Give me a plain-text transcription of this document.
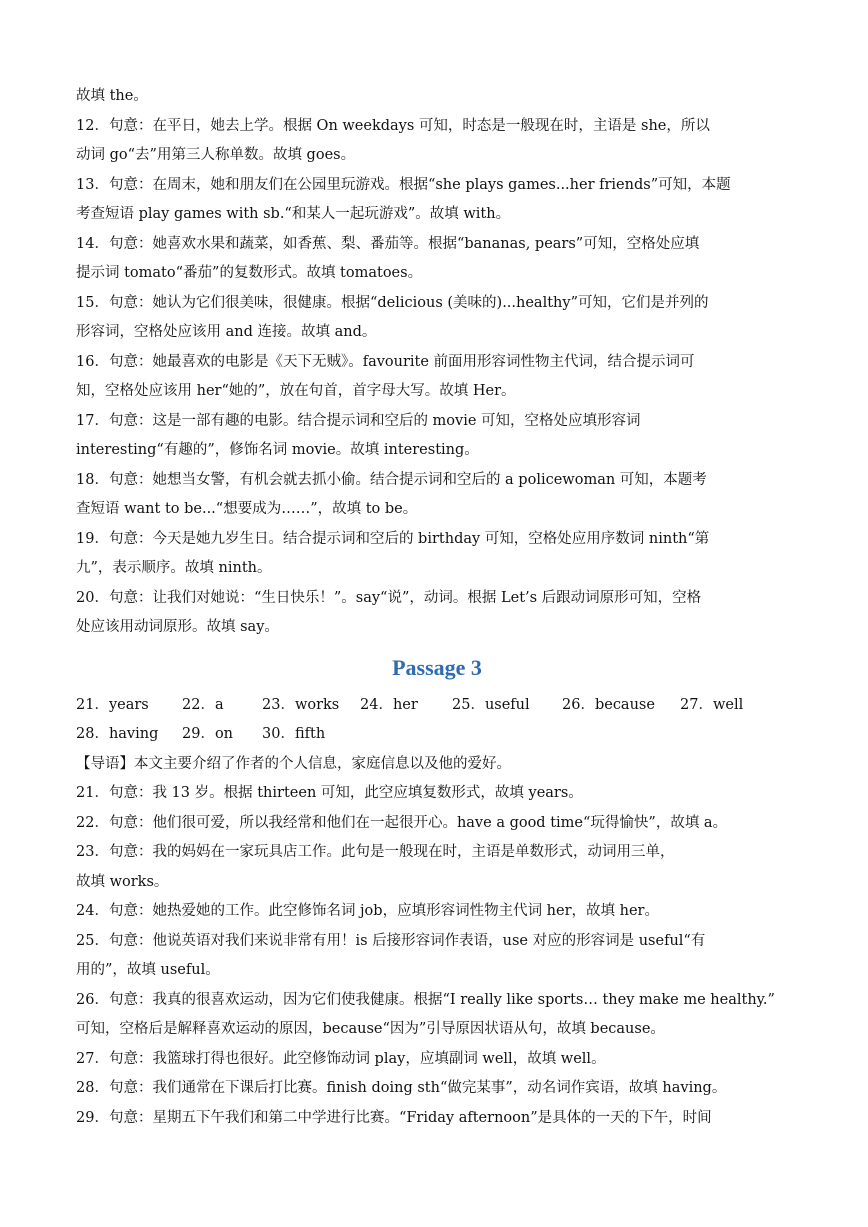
故填 the。
12．句意：在平日，她去上学。根据 On weekdays 可知，时态是一般现在时，主语是 she，所以
动词 go“去”用第三人称单数。故填 goes。
13．句意：在周末，她和朋友们在公园里玩游戏。根据“she plays games...her friends”可知，本题
考查短语 play games with sb.“和某人一起玩游戏”。故填 with。
14．句意：她喜欢水果和蔬菜，如香蕉、梨、番茄等。根据“bananas, pears”可知，空格处应填
提示词 tomato“番茄”的复数形式。故填 tomatoes。
15．句意：她认为它们很美味，很健康。根据“delicious (美味的)...healthy”可知，它们是并列的
形容词，空格处应该用 and 连接。故填 and。
16．句意：她最喜欢的电影是《天下无贼》。favourite 前面用形容词性物主代词，结合提示词可
知，空格处应该用 her“她的”，放在句首，首字母大写。故填 Her。
17．句意：这是一部有趣的电影。结合提示词和空后的 movie 可知，空格处应填形容词
interesting“有趣的”，修饰名词 movie。故填 interesting。
18．句意：她想当女警，有机会就去抓小偷。结合提示词和空后的 a policewoman 可知，本题考
查短语 want to be...“想要成为……”，故填 to be。
19．句意：今天是她九岁生日。结合提示词和空后的 birthday 可知，空格处应用序数词 ninth“第
九”，表示顺序。故填 ninth。
20．句意：让我们对她说：“生日快乐！”。say“说”，动词。根据 Let’s 后跟动词原形可知，空格
处应该用动词原形。故填 say。
Passage 3
21．years	22．a	23．works	24．her	25．useful	26．because	27．well
28．having	29．on	30．fifth
【导语】本文主要介绍了作者的个人信息，家庭信息以及他的爱好。
21．句意：我 13 岁。根据 thirteen 可知，此空应填复数形式，故填 years。
22．句意：他们很可爱，所以我经常和他们在一起很开心。have a good time“玩得愉快”，故填 a。
23．句意：我的妈妈在一家玩具店工作。此句是一般现在时，主语是单数形式，动词用三单，
故填 works。
24．句意：她热爱她的工作。此空修饰名词 job，应填形容词性物主代词 her，故填 her。
25．句意：他说英语对我们来说非常有用！is 后接形容词作表语，use 对应的形容词是 useful“有
用的”，故填 useful。
26．句意：我真的很喜欢运动，因为它们使我健康。根据“I really like sports… they make me healthy.”
可知，空格后是解释喜欢运动的原因，because“因为”引导原因状语从句，故填 because。
27．句意：我篮球打得也很好。此空修饰动词 play，应填副词 well，故填 well。
28．句意：我们通常在下课后打比赛。finish doing sth“做完某事”，动名词作宾语，故填 having。
29．句意：星期五下午我们和第二中学进行比赛。“Friday afternoon”是具体的一天的下午，时间
